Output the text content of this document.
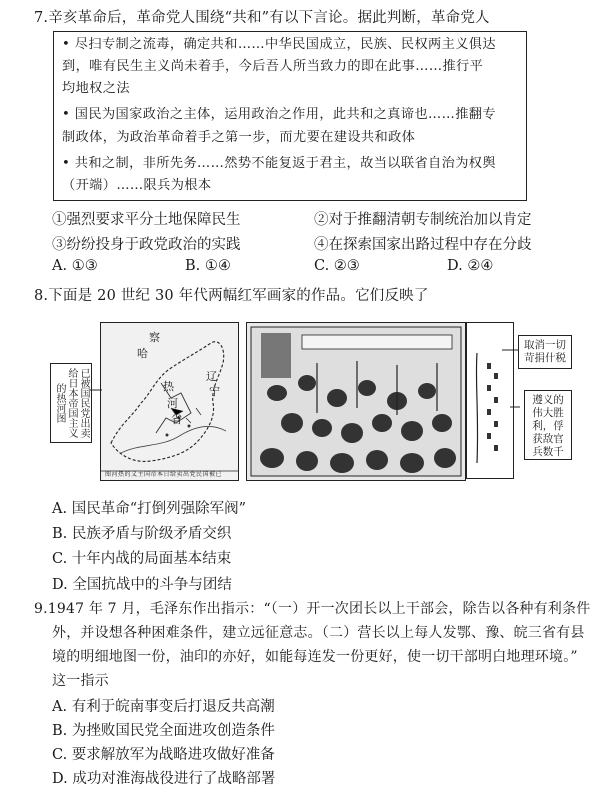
7.辛亥革命后，革命党人围绕“共和”有以下言论。据此判断，革命党人
• 尽扫专制之流毒，确定共和……中华民国成立，民族、民权两主义俱达
到，唯有民生主义尚未着手，今后吾人所当致力的即在此事……推行平
均地权之法
• 国民为国家政治之主体，运用政治之作用，此共和之真谛也……推翻专
制政体，为政治革命着手之第一步，而尤要在建设共和政体
• 共和之制，非所先务……然势不能复返于君主，故当以联省自治为权舆
（开端）……限兵为根本
①强烈要求平分土地保障民生	②对于推翻清朝专制统治加以肯定
③纷纷投身于政党政治的实践	④在探索国家出路过程中存在分歧
A. ①③	B. ①④	C. ②③	D. ②④
8.下面是 20 世纪 30 年代两幅红军画家的作品。它们反映了
察
哈
热
河
省
辽
宁
图河热的义主国帝本日给卖出党民国被已
已被国民党出卖给日本帝国主义的热河图
取消一切苛捐什税
遵义的伟大胜利，俘获敌官兵数千
A. 国民革命“打倒列强除军阀”
B. 民族矛盾与阶级矛盾交织
C. 十年内战的局面基本结束
D. 全国抗战中的斗争与团结
9.1947 年 7 月，毛泽东作出指示：“（一）开一次团长以上干部会，除告以各种有利条件
外，并设想各种困难条件，建立远征意志。（二）营长以上每人发鄂、豫、皖三省有县
境的明细地图一份，油印的亦好，如能每连发一份更好，使一切干部明白地理环境。”
这一指示
A. 有利于皖南事变后打退反共高潮
B. 为挫败国民党全面进攻创造条件
C. 要求解放军为战略进攻做好准备
D. 成功对淮海战役进行了战略部署
